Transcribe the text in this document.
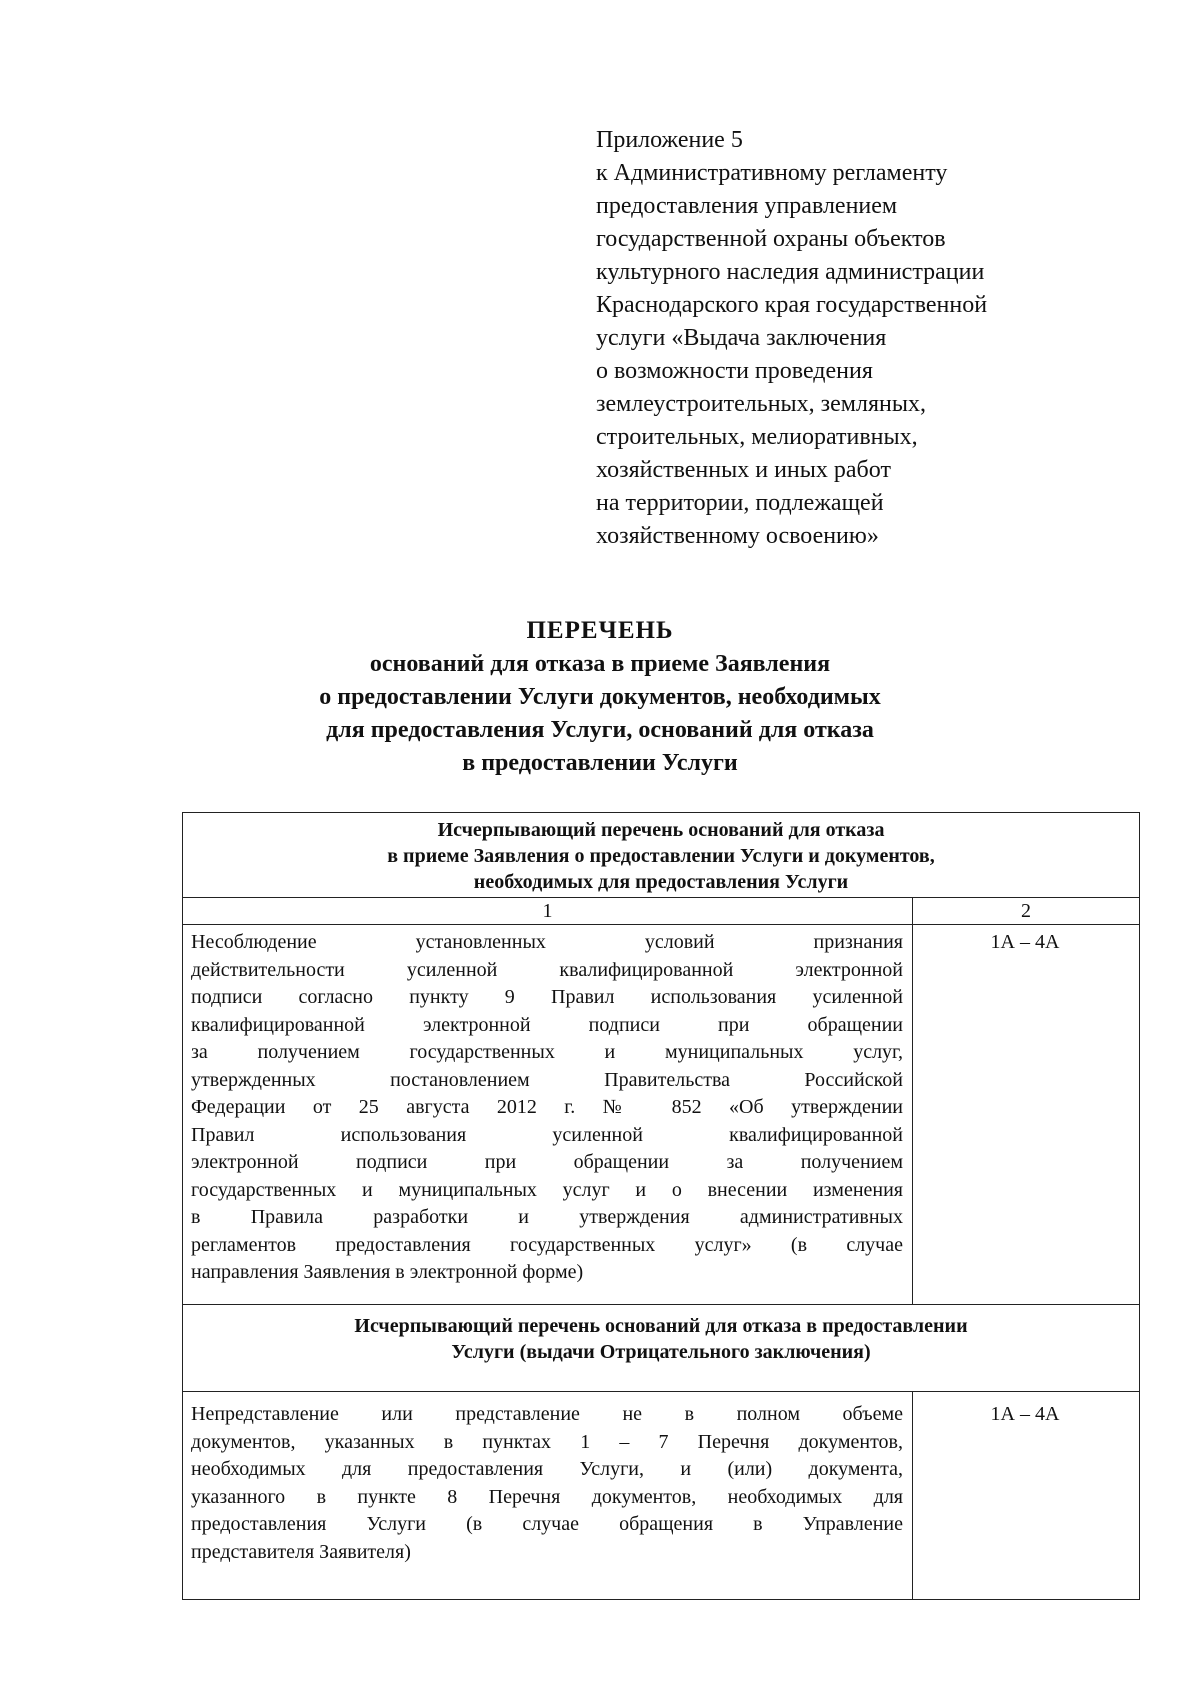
Приложение 5
к Административному регламенту
предоставления управлением
государственной охраны объектов
культурного наследия администрации
Краснодарского края государственной
услуги «Выдача заключения
о возможности проведения
землеустроительных, земляных,
строительных, мелиоративных,
хозяйственных и иных работ
на территории, подлежащей
хозяйственному освоению»
ПЕРЕЧЕНЬ
оснований для отказа в приеме Заявления
о предоставлении Услуги документов, необходимых
для предоставления Услуги, оснований для отказа
в предоставлении Услуги
Исчерпывающий перечень оснований для отказа
в приеме Заявления о предоставлении Услуги и документов,
необходимых для предоставления Услуги
1	2
Несоблюдение установленных условий признания
действительности усиленной квалифицированной электронной
подписи согласно пункту 9 Правил использования усиленной
квалифицированной электронной подписи при обращении
за получением государственных и муниципальных услуг,
утвержденных постановлением Правительства Российской
Федерации от 25 августа 2012 г. № 852 «Об утверждении
Правил использования усиленной квалифицированной
электронной подписи при обращении за получением
государственных и муниципальных услуг и о внесении изменения
в Правила разработки и утверждения административных
регламентов предоставления государственных услуг» (в случае
направления Заявления в электронной форме)
1А – 4А
Исчерпывающий перечень оснований для отказа в предоставлении
Услуги (выдачи Отрицательного заключения)
Непредставление или представление не в полном объеме
документов, указанных в пунктах 1 – 7 Перечня документов,
необходимых для предоставления Услуги, и (или) документа,
указанного в пункте 8 Перечня документов, необходимых для
предоставления Услуги (в случае обращения в Управление
представителя Заявителя)
1А – 4А
